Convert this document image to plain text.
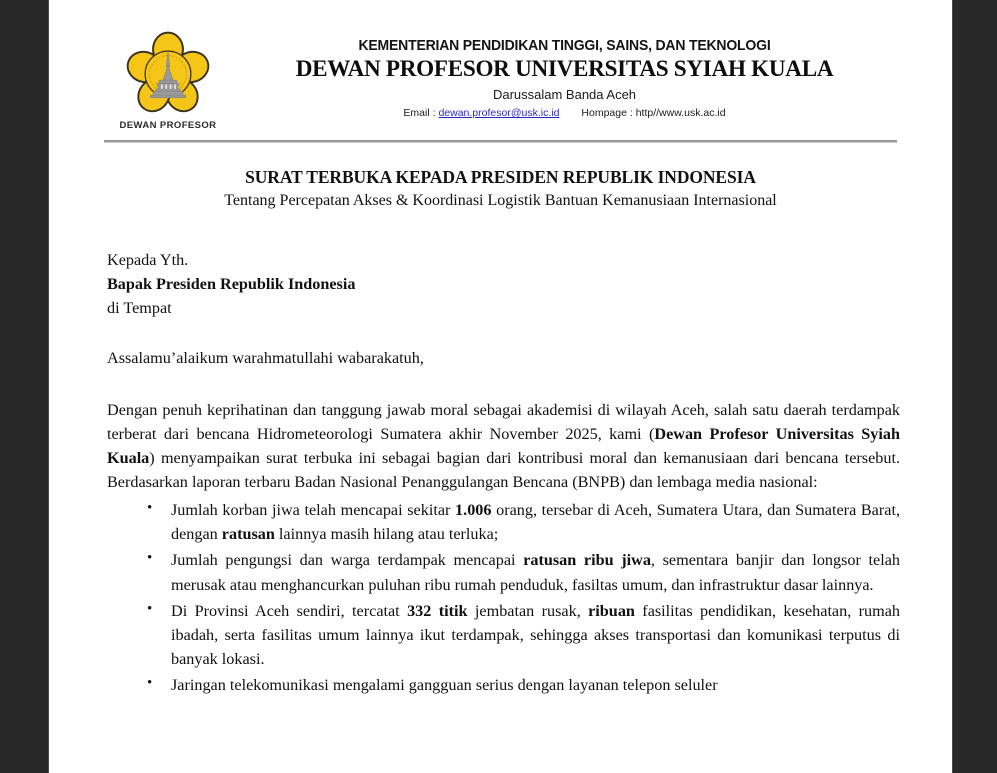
DEWAN PROFESOR
KEMENTERIAN PENDIDIKAN TINGGI, SAINS, DAN TEKNOLOGI
DEWAN PROFESOR UNIVERSITAS SYIAH KUALA
Darussalam Banda Aceh
Email : dewan.profesor@usk.ic.id Hompage : http//www.usk.ac.id
SURAT TERBUKA KEPADA PRESIDEN REPUBLIK INDONESIA
Tentang Percepatan Akses & Koordinasi Logistik Bantuan Kemanusiaan Internasional
Kepada Yth.
Bapak Presiden Republik Indonesia
di Tempat
Assalamu’alaikum warahmatullahi wabarakatuh,
Dengan penuh keprihatinan dan tanggung jawab moral sebagai akademisi di wilayah Aceh, salah satu daerah terdampak terberat dari bencana Hidrometeorologi Sumatera akhir November 2025, kami (Dewan Profesor Universitas Syiah Kuala) menyampaikan surat terbuka ini sebagai bagian dari kontribusi moral dan kemanusiaan dari bencana tersebut. Berdasarkan laporan terbaru Badan Nasional Penanggulangan Bencana (BNPB) dan lembaga media nasional:
• Jumlah korban jiwa telah mencapai sekitar 1.006 orang, tersebar di Aceh, Sumatera Utara, dan Sumatera Barat, dengan ratusan lainnya masih hilang atau terluka;
• Jumlah pengungsi dan warga terdampak mencapai ratusan ribu jiwa, sementara banjir dan longsor telah merusak atau menghancurkan puluhan ribu rumah penduduk, fasiltas umum, dan infrastruktur dasar lainnya.
• Di Provinsi Aceh sendiri, tercatat 332 titik jembatan rusak, ribuan fasilitas pendidikan, kesehatan, rumah ibadah, serta fasilitas umum lainnya ikut terdampak, sehingga akses transportasi dan komunikasi terputus di banyak lokasi.
• Jaringan telekomunikasi mengalami gangguan serius dengan layanan telepon seluler
